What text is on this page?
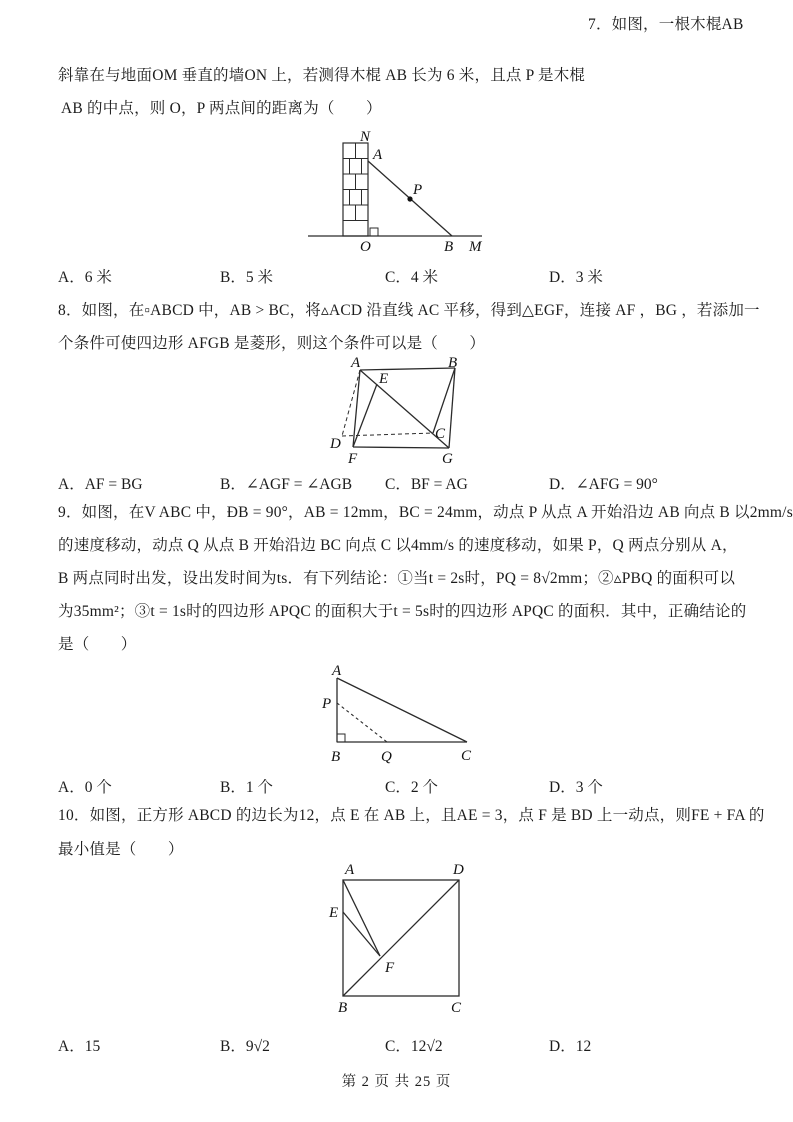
7．如图，一根木棍AB
斜靠在与地面OM 垂直的墙ON 上，若测得木棍 AB 长为 6 米，且点 P 是木棍
AB 的中点，则 O，P 两点间的距离为（　　）
N
A
P
O	B M
A．6 米	B．5 米	C．4 米	D．3 米
8．如图，在▫ABCD 中，AB > BC，将▵ACD 沿直线 AC 平移，得到△EGF，连接 AF ，BG ，若添加一
个条件可使四边形 AFGB 是菱形，则这个条件可以是（　　）
A	B
E
D
F
C
G
A．AF = BG	B．∠AGF = ∠AGB C．BF = AG	D．∠AFG = 90°
9．如图，在V ABC 中，ĐB = 90°，AB = 12mm，BC = 24mm，动点 P 从点 A 开始沿边 AB 向点 B 以2mm/s
的速度移动，动点 Q 从点 B 开始沿边 BC 向点 C 以4mm/s 的速度移动，如果 P，Q 两点分别从 A，
B 两点同时出发，设出发时间为ts．有下列结论：①当t = 2s时，PQ = 8√2mm；②▵PBQ 的面积可以
为35mm²；③t = 1s时的四边形 APQC 的面积大于t = 5s时的四边形 APQC 的面积．其中，正确结论的
是（　　）
A
P
B	Q	C
A．0 个	B．1 个	C．2 个	D．3 个
10．如图，正方形 ABCD 的边长为12，点 E 在 AB 上，且AE = 3，点 F 是 BD 上一动点，则FE + FA 的
最小值是（　　）
A	D
E
F
B	C
A．15	B．9√2	C．12√2	D．12
第 2 页 共 25 页
